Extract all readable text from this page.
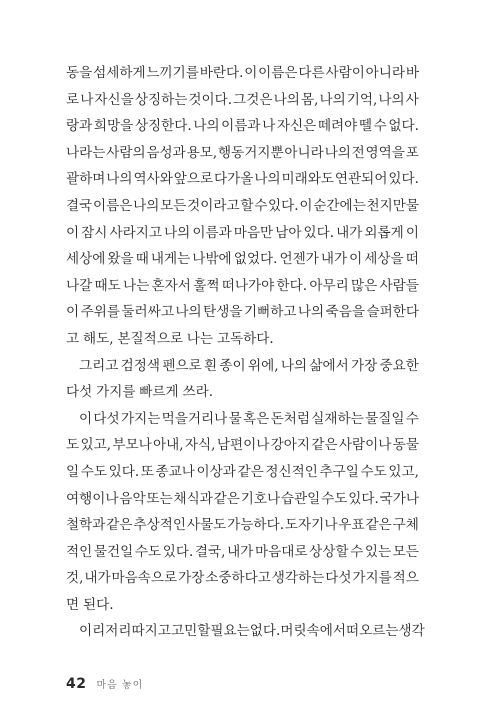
동을 섬세하게 느끼기를 바란다. 이 이름은 다른 사람이 아니라 바
로 나 자신을 상징하는 것이다. 그것은 나의 몸, 나의 기억, 나의 사
랑과 희망을 상징한다. 나의 이름과 나 자신은 떼려야 뗄 수 없다.
나라는 사람의 음성과 용모, 행동거지뿐 아니라 나의 전 영역을 포
괄하며 나의 역사와 앞으로 다가올 나의 미래와도 연관되어 있다.
결국 이름은 나의 모든 것이라고 할 수 있다. 이 순간에는 천지만물
이 잠시 사라지고 나의 이름과 마음만 남아 있다. 내가 외롭게 이
세상에 왔을 때 내게는 나밖에 없었다. 언젠가 내가 이 세상을 떠
나갈 때도 나는 혼자서 훌쩍 떠나가야 한다. 아무리 많은 사람들
이 주위를 둘러싸고 나의 탄생을 기뻐하고 나의 죽음을 슬퍼한다
고 해도, 본질적으로 나는 고독하다.
그리고 검정색 펜으로 흰 종이 위에, 나의 삶에서 가장 중요한
다섯 가지를 빠르게 쓰라.
이 다섯 가지는 먹을거리나 물 혹은 돈처럼 실재하는 물질일 수
도 있고, 부모나 아내, 자식, 남편이나 강아지 같은 사람이나 동물
일 수도 있다. 또 종교나 이상과 같은 정신적인 추구일 수도 있고,
여행이나 음악 또는 채식과 같은 기호나 습관일 수도 있다. 국가나
철학과 같은 추상적인 사물도 가능하다. 도자기나 우표 같은 구체
적인 물건일 수도 있다. 결국, 내가 마음대로 상상할 수 있는 모든
것, 내가 마음속으로 가장 소중하다고 생각하는 다섯 가지를 적으
면 된다.
이리저리 따지고 고민할 필요는 없다. 머릿속에서 떠오르는 생각
42 마음 놓이
